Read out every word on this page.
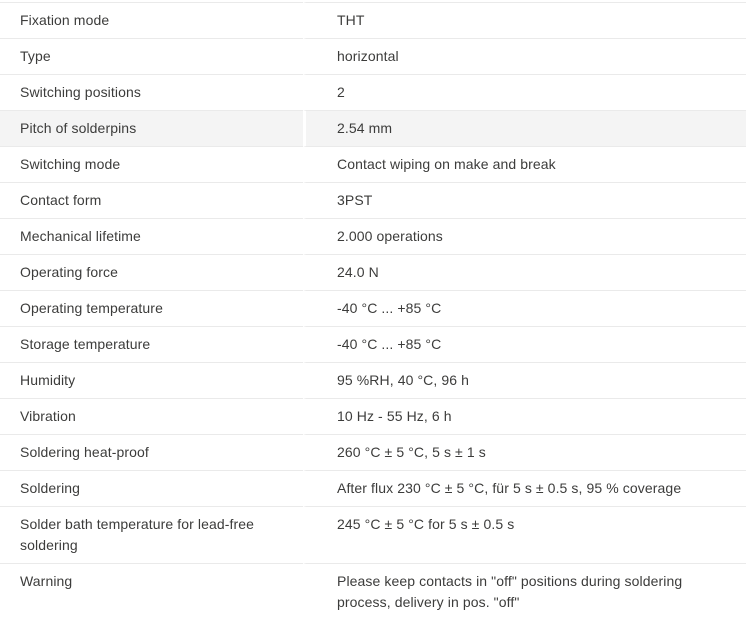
Fixation mode	THT
Type	horizontal
Switching positions	2
Pitch of solderpins	2.54 mm
Switching mode	Contact wiping on make and break
Contact form	3PST
Mechanical lifetime	2.000 operations
Operating force	24.0 N
Operating temperature	-40 °C ... +85 °C
Storage temperature	-40 °C ... +85 °C
Humidity	95 %RH, 40 °C, 96 h
Vibration	10 Hz - 55 Hz, 6 h
Soldering heat-proof	260 °C ± 5 °C, 5 s ± 1 s
Soldering	After flux 230 °C ± 5 °C, für 5 s ± 0.5 s, 95 % coverage
Solder bath temperature for lead-free soldering	245 °C ± 5 °C for 5 s ± 0.5 s
Warning	Please keep contacts in "off" positions during soldering process, delivery in pos. "off"
